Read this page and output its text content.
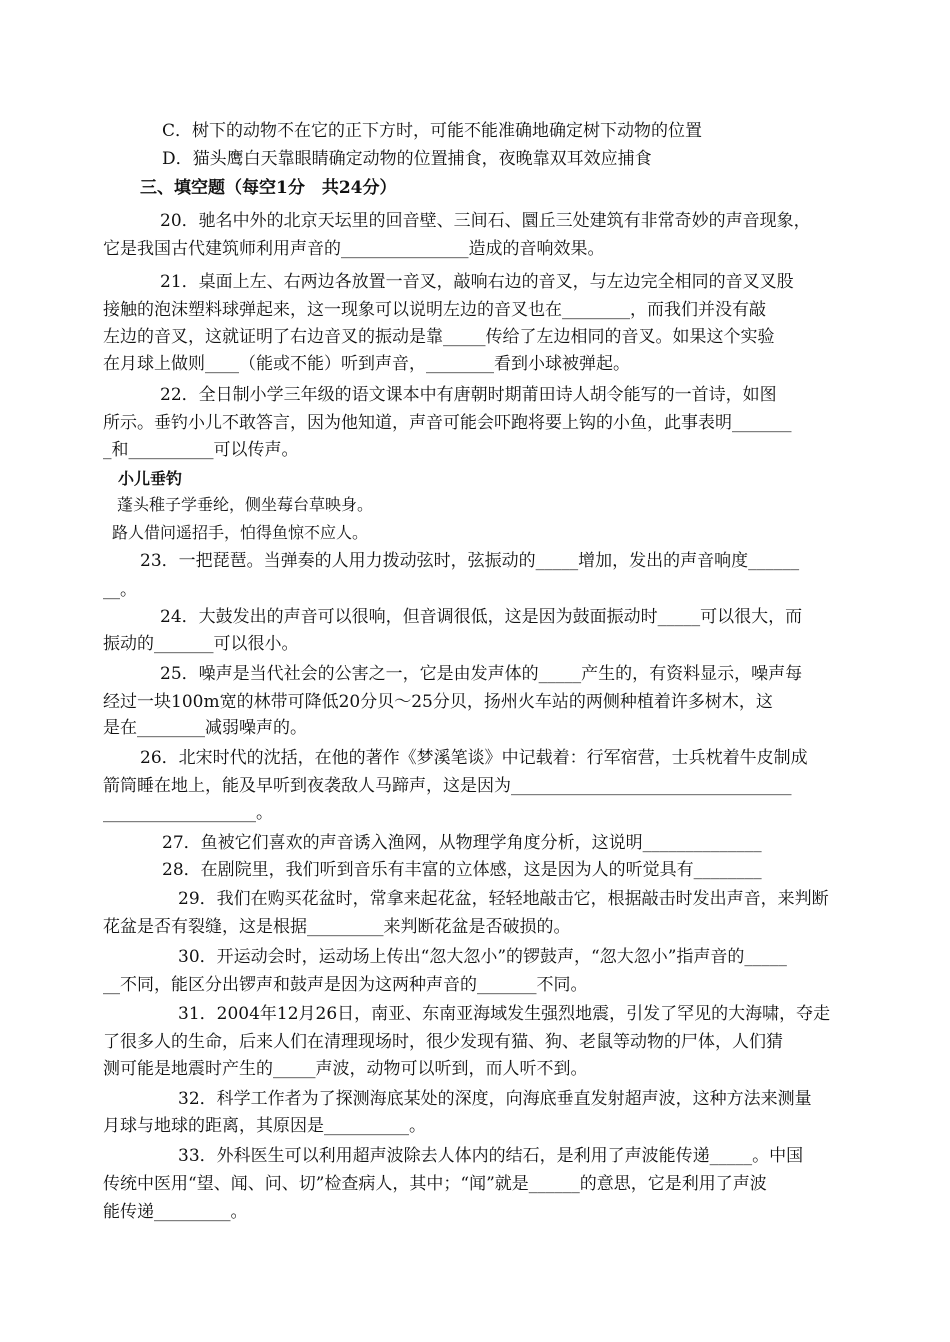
C．树下的动物不在它的正下方时，可能不能准确地确定树下动物的位置
D．猫头鹰白天靠眼睛确定动物的位置捕食，夜晚靠双耳效应捕食
三、填空题（每空1分　共24分）
20．驰名中外的北京天坛里的回音壁、三间石、圜丘三处建筑有非常奇妙的声音现象，
它是我国古代建筑师利用声音的_______________造成的音响效果。
21．桌面上左、右两边各放置一音叉，敲响右边的音叉，与左边完全相同的音叉叉股
接触的泡沫塑料球弹起来，这一现象可以说明左边的音叉也在________，而我们并没有敲
左边的音叉，这就证明了右边音叉的振动是靠_____传给了左边相同的音叉。如果这个实验
在月球上做则____（能或不能）听到声音，________看到小球被弹起。
22．全日制小学三年级的语文课本中有唐朝时期莆田诗人胡令能写的一首诗，如图
所示。垂钓小儿不敢答言，因为他知道，声音可能会吓跑将要上钩的小鱼，此事表明_______
_和__________可以传声。
小儿垂钓
蓬头稚子学垂纶，侧坐莓台草映身。
路人借问遥招手，怕得鱼惊不应人。
23．一把琵琶。当弹奏的人用力拨动弦时，弦振动的_____增加，发出的声音响度______
__。
24．大鼓发出的声音可以很响，但音调很低，这是因为鼓面振动时_____可以很大，而
振动的_______可以很小。
25．噪声是当代社会的公害之一，它是由发声体的_____产生的，有资料显示，噪声每
经过一块100m宽的林带可降低20分贝～25分贝，扬州火车站的两侧种植着许多树木，这
是在________减弱噪声的。
26．北宋时代的沈括，在他的著作《梦溪笔谈》中记载着：行军宿营，士兵枕着牛皮制成
箭筒睡在地上，能及早听到夜袭敌人马蹄声，这是因为_________________________________
__________________。
27．鱼被它们喜欢的声音诱入渔网，从物理学角度分析，这说明______________
28．在剧院里，我们听到音乐有丰富的立体感，这是因为人的听觉具有________
29．我们在购买花盆时，常拿来起花盆，轻轻地敲击它，根据敲击时发出声音，来判断
花盆是否有裂缝，这是根据_________来判断花盆是否破损的。
30．开运动会时，运动场上传出“忽大忽小”的锣鼓声，“忽大忽小”指声音的_____
__不同，能区分出锣声和鼓声是因为这两种声音的_______不同。
31．2004年12月26日，南亚、东南亚海域发生强烈地震，引发了罕见的大海啸，夺走
了很多人的生命，后来人们在清理现场时，很少发现有猫、狗、老鼠等动物的尸体，人们猜
测可能是地震时产生的_____声波，动物可以听到，而人听不到。
32．科学工作者为了探测海底某处的深度，向海底垂直发射超声波，这种方法来测量
月球与地球的距离，其原因是__________。
33．外科医生可以利用超声波除去人体内的结石，是利用了声波能传递_____。中国
传统中医用“望、闻、问、切”检查病人，其中；“闻”就是______的意思，它是利用了声波
能传递_________。
